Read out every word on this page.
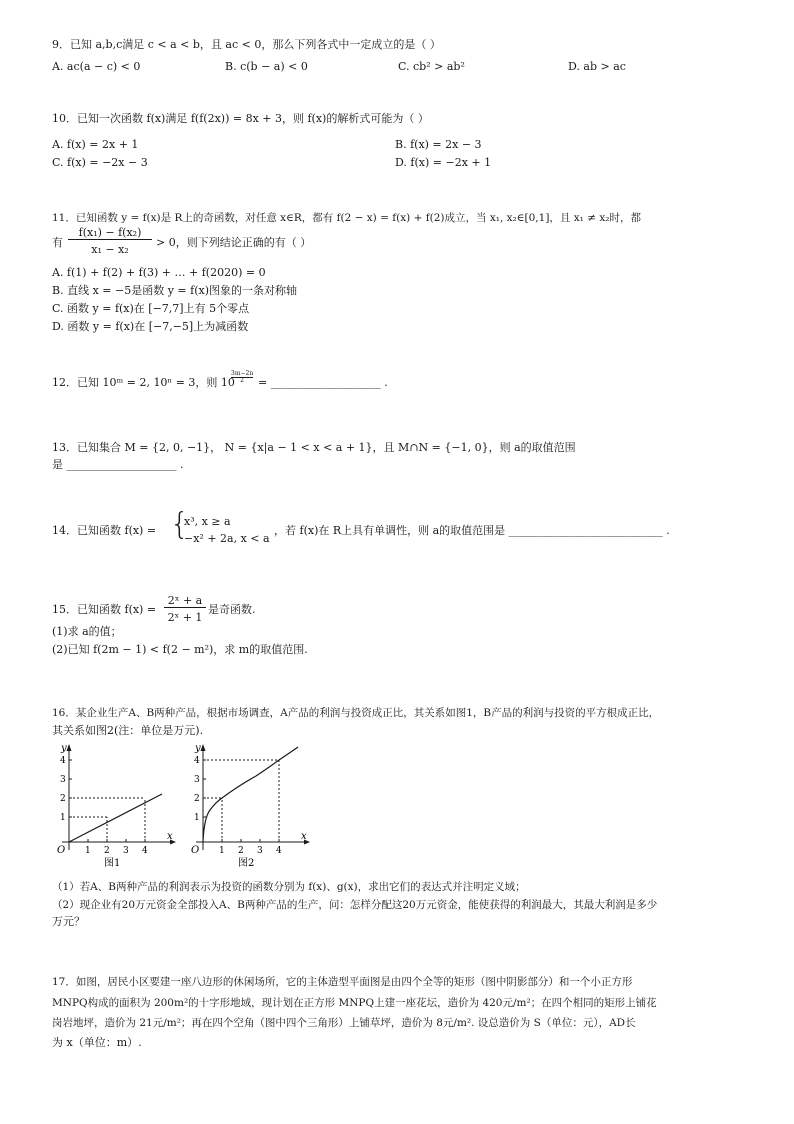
9．已知 a,b,c满足 c < a < b，且 ac < 0，那么下列各式中一定成立的是（ ）
A. ac(a − c) < 0	B. c(b − a) < 0	C. cb² > ab²	D. ab > ac
10．已知一次函数 f(x)满足 f(f(2x)) = 8x + 3，则 f(x)的解析式可能为（ ）
A. f(x) = 2x + 1	B. f(x) = 2x − 3
C. f(x) = −2x − 3	D. f(x) = −2x + 1
11．已知函数 y = f(x)是 R上的奇函数，对任意 x∈R，都有 f(2 − x) = f(x) + f(2)成立，当 x₁, x₂∈[0,1]，且 x₁ ≠ x₂时，都
有
f(x₁) − f(x₂)
x₁ − x₂
> 0，则下列结论正确的有（ ）
A. f(1) + f(2) + f(3) + … + f(2020) = 0
B. 直线 x = −5是函数 y = f(x)图象的一条对称轴
C. 函数 y = f(x)在 [−7,7]上有 5个零点
D. 函数 y = f(x)在 [−7,−5]上为减函数
12．已知 10ᵐ = 2, 10ⁿ = 3，则 10
3m−2n
2	= ____________________ .
13．已知集合 M = {2, 0, −1}， N = {x|a − 1 < x < a + 1}，且 M∩N = {−1, 0}，则 a的取值范围
是 ____________________ .
14．已知函数 f(x) = {
x³, x ≥ a
−x² + 2a, x < a
，若 f(x)在 R上具有单调性，则 a的取值范围是 ____________________________ .
15．已知函数 f(x) =
2ˣ + a
2ˣ + 1
是奇函数.
(1)求 a的值；
(2)已知 f(2m − 1) < f(2 − m²)，求 m的取值范围.
16．某企业生产A、B两种产品，根据市场调查，A产品的利润与投资成正比，其关系如图1，B产品的利润与投资的平方根成正比，
其关系如图2(注：单位是万元).
y
x
O
1
2
3
4
1 2 3 4
图1
y
x
O
1
2
3
4
1 2 3 4
图2
（1）若A、B两种产品的利润表示为投资的函数分别为 f(x)、g(x)，求出它们的表达式并注明定义域；
（2）现企业有20万元资金全部投入A、B两种产品的生产，问：怎样分配这20万元资金，能使获得的利润最大，其最大利润是多少
万元？
17．如图，居民小区要建一座八边形的休闲场所，它的主体造型平面图是由四个全等的矩形（图中阴影部分）和一个小正方形
MNPQ构成的面积为 200m²的十字形地域，现计划在正方形 MNPQ上建一座花坛，造价为 420元/m²；在四个相同的矩形上铺花
岗岩地坪，造价为 21元/m²；再在四个空角（图中四个三角形）上铺草坪，造价为 8元/m². 设总造价为 S（单位：元），AD长
为 x（单位：m）.
